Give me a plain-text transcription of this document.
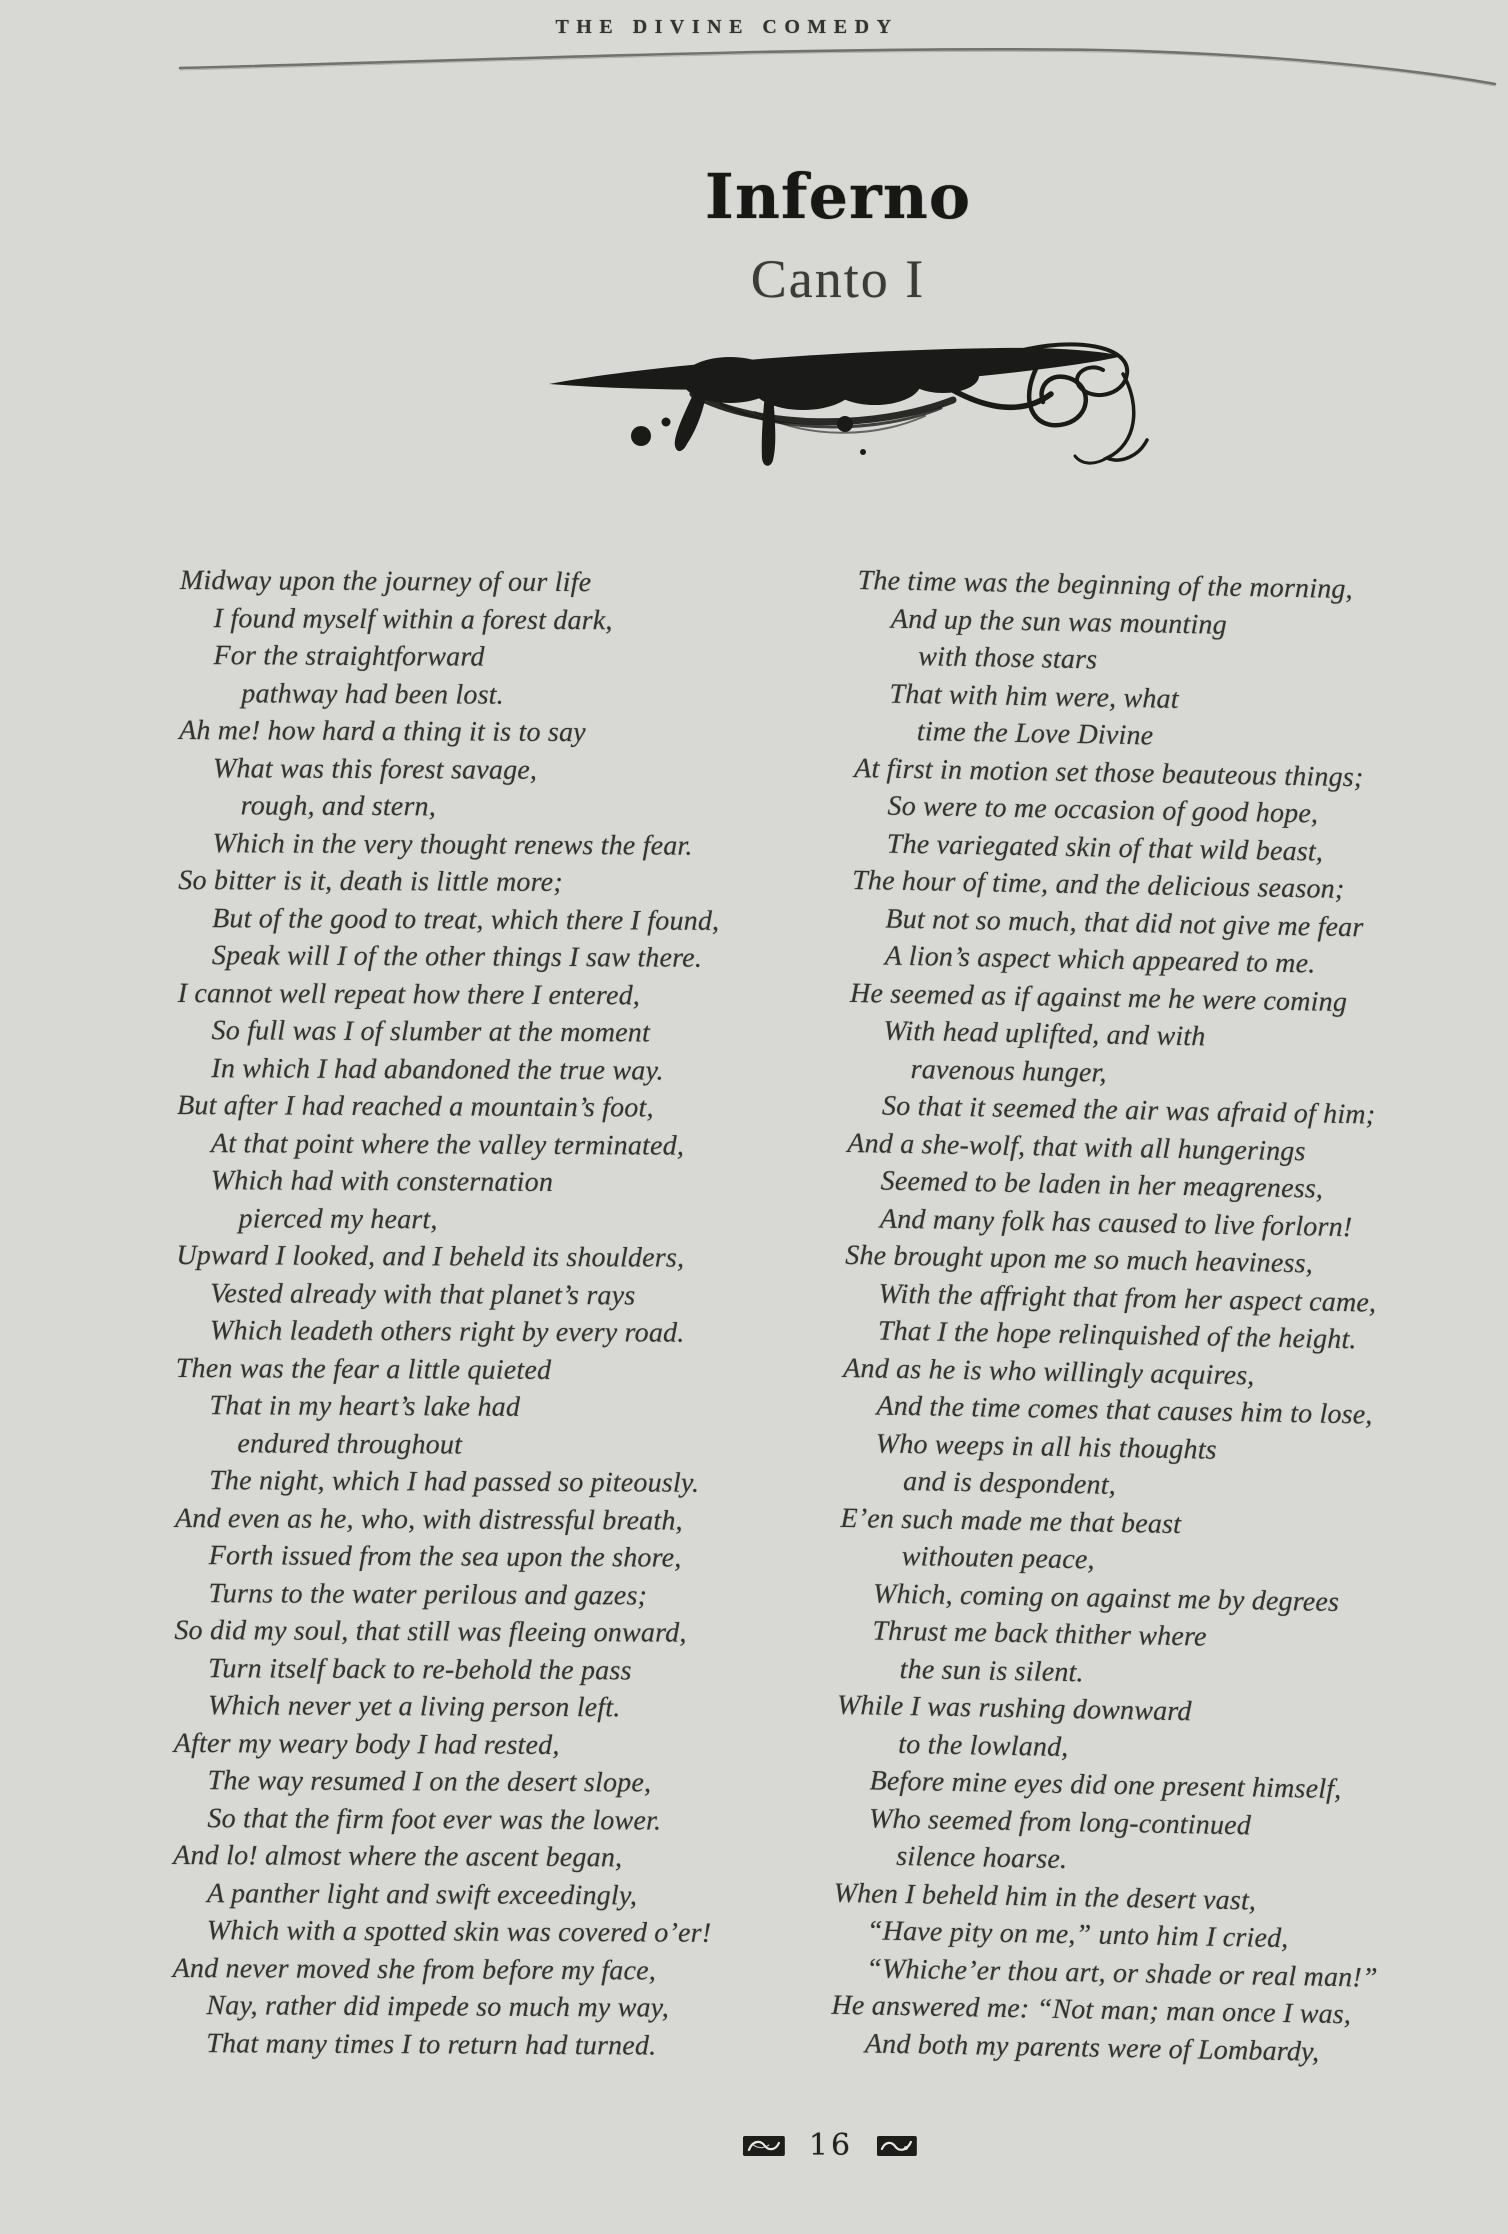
THE DIVINE COMEDY
Inferno
Canto I
Midway upon the journey of our life
I found myself within a forest dark,
For the straightforward
pathway had been lost.
Ah me! how hard a thing it is to say
What was this forest savage,
rough, and stern,
Which in the very thought renews the fear.
So bitter is it, death is little more;
But of the good to treat, which there I found,
Speak will I of the other things I saw there.
I cannot well repeat how there I entered,
So full was I of slumber at the moment
In which I had abandoned the true way.
But after I had reached a mountain’s foot,
At that point where the valley terminated,
Which had with consternation
pierced my heart,
Upward I looked, and I beheld its shoulders,
Vested already with that planet’s rays
Which leadeth others right by every road.
Then was the fear a little quieted
That in my heart’s lake had
endured throughout
The night, which I had passed so piteously.
And even as he, who, with distressful breath,
Forth issued from the sea upon the shore,
Turns to the water perilous and gazes;
So did my soul, that still was fleeing onward,
Turn itself back to re-behold the pass
Which never yet a living person left.
After my weary body I had rested,
The way resumed I on the desert slope,
So that the firm foot ever was the lower.
And lo! almost where the ascent began,
A panther light and swift exceedingly,
Which with a spotted skin was covered o’er!
And never moved she from before my face,
Nay, rather did impede so much my way,
That many times I to return had turned.
The time was the beginning of the morning,
And up the sun was mounting
with those stars
That with him were, what
time the Love Divine
At first in motion set those beauteous things;
So were to me occasion of good hope,
The variegated skin of that wild beast,
The hour of time, and the delicious season;
But not so much, that did not give me fear
A lion’s aspect which appeared to me.
He seemed as if against me he were coming
With head uplifted, and with
ravenous hunger,
So that it seemed the air was afraid of him;
And a she-wolf, that with all hungerings
Seemed to be laden in her meagreness,
And many folk has caused to live forlorn!
She brought upon me so much heaviness,
With the affright that from her aspect came,
That I the hope relinquished of the height.
And as he is who willingly acquires,
And the time comes that causes him to lose,
Who weeps in all his thoughts
and is despondent,
E’en such made me that beast
withouten peace,
Which, coming on against me by degrees
Thrust me back thither where
the sun is silent.
While I was rushing downward
to the lowland,
Before mine eyes did one present himself,
Who seemed from long-continued
silence hoarse.
When I beheld him in the desert vast,
“Have pity on me,” unto him I cried,
“Whiche’er thou art, or shade or real man!”
He answered me: “Not man; man once I was,
And both my parents were of Lombardy,
16
